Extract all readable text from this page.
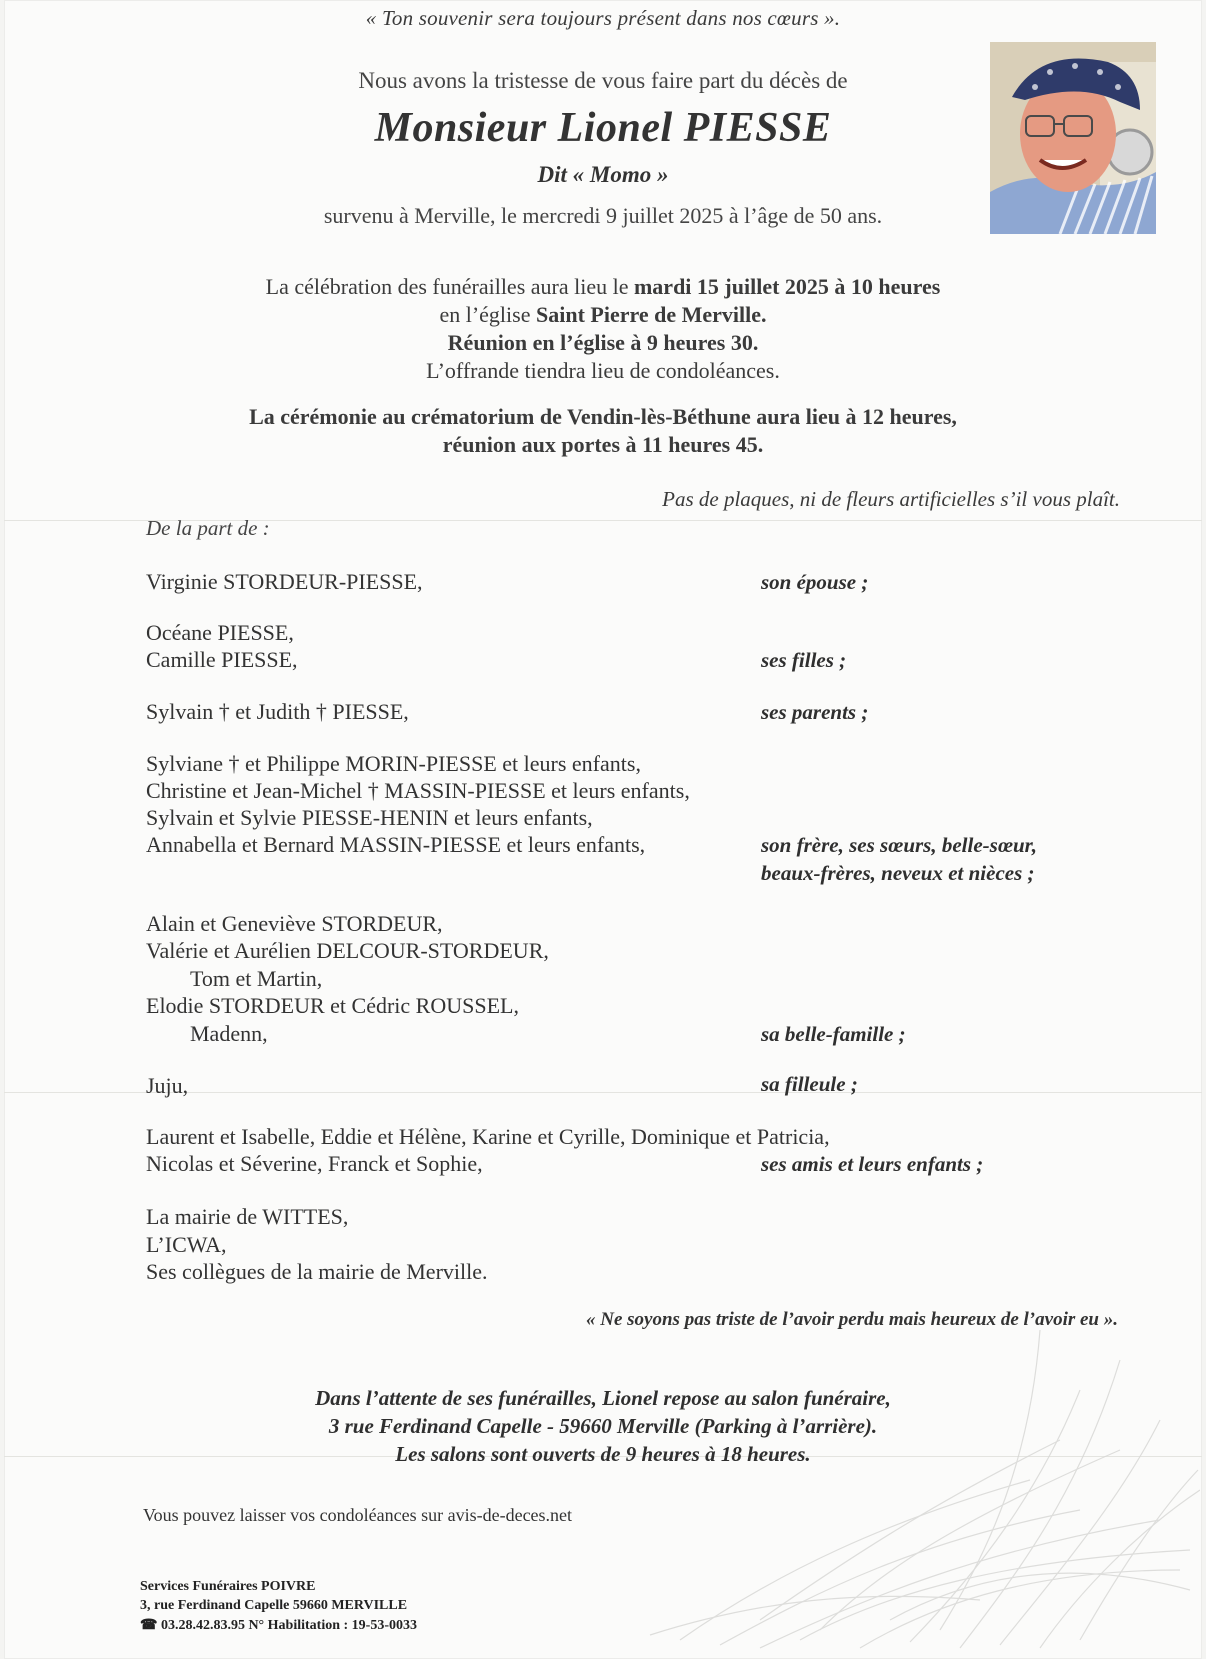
« Ton souvenir sera toujours présent dans nos cœurs ».
Nous avons la tristesse de vous faire part du décès de
Monsieur Lionel PIESSE
Dit « Momo »
survenu à Merville, le mercredi 9 juillet 2025 à l’âge de 50 ans.
La célébration des funérailles aura lieu le mardi 15 juillet 2025 à 10 heures
en l’église Saint Pierre de Merville.
Réunion en l’église à 9 heures 30.
L’offrande tiendra lieu de condoléances.
La cérémonie au crématorium de Vendin-lès-Béthune aura lieu à 12 heures,
réunion aux portes à 11 heures 45.
Pas de plaques, ni de fleurs artificielles s’il vous plaît.
De la part de :
Virginie STORDEUR-PIESSE,	son épouse ;
Océane PIESSE,
Camille PIESSE,	ses filles ;
Sylvain † et Judith † PIESSE,	ses parents ;
Sylviane † et Philippe MORIN-PIESSE et leurs enfants,
Christine et Jean-Michel † MASSIN-PIESSE et leurs enfants,
Sylvain et Sylvie PIESSE-HENIN et leurs enfants,
Annabella et Bernard MASSIN-PIESSE et leurs enfants,	son frère, ses sœurs, belle-sœur,
beaux-frères, neveux et nièces ;
Alain et Geneviève STORDEUR,
Valérie et Aurélien DELCOUR-STORDEUR,
Tom et Martin,
Elodie STORDEUR et Cédric ROUSSEL,
Madenn,	sa belle-famille ;
Juju,	sa filleule ;
Laurent et Isabelle, Eddie et Hélène, Karine et Cyrille, Dominique et Patricia,
Nicolas et Séverine, Franck et Sophie,	ses amis et leurs enfants ;
La mairie de WITTES,
L’ICWA,
Ses collègues de la mairie de Merville.
« Ne soyons pas triste de l’avoir perdu mais heureux de l’avoir eu ».
Dans l’attente de ses funérailles, Lionel repose au salon funéraire,
3 rue Ferdinand Capelle - 59660 Merville (Parking à l’arrière).
Les salons sont ouverts de 9 heures à 18 heures.
Vous pouvez laisser vos condoléances sur avis-de-deces.net
Services Funéraires POIVRE
3, rue Ferdinand Capelle 59660 MERVILLE
☎ 03.28.42.83.95 N° Habilitation : 19-53-0033
